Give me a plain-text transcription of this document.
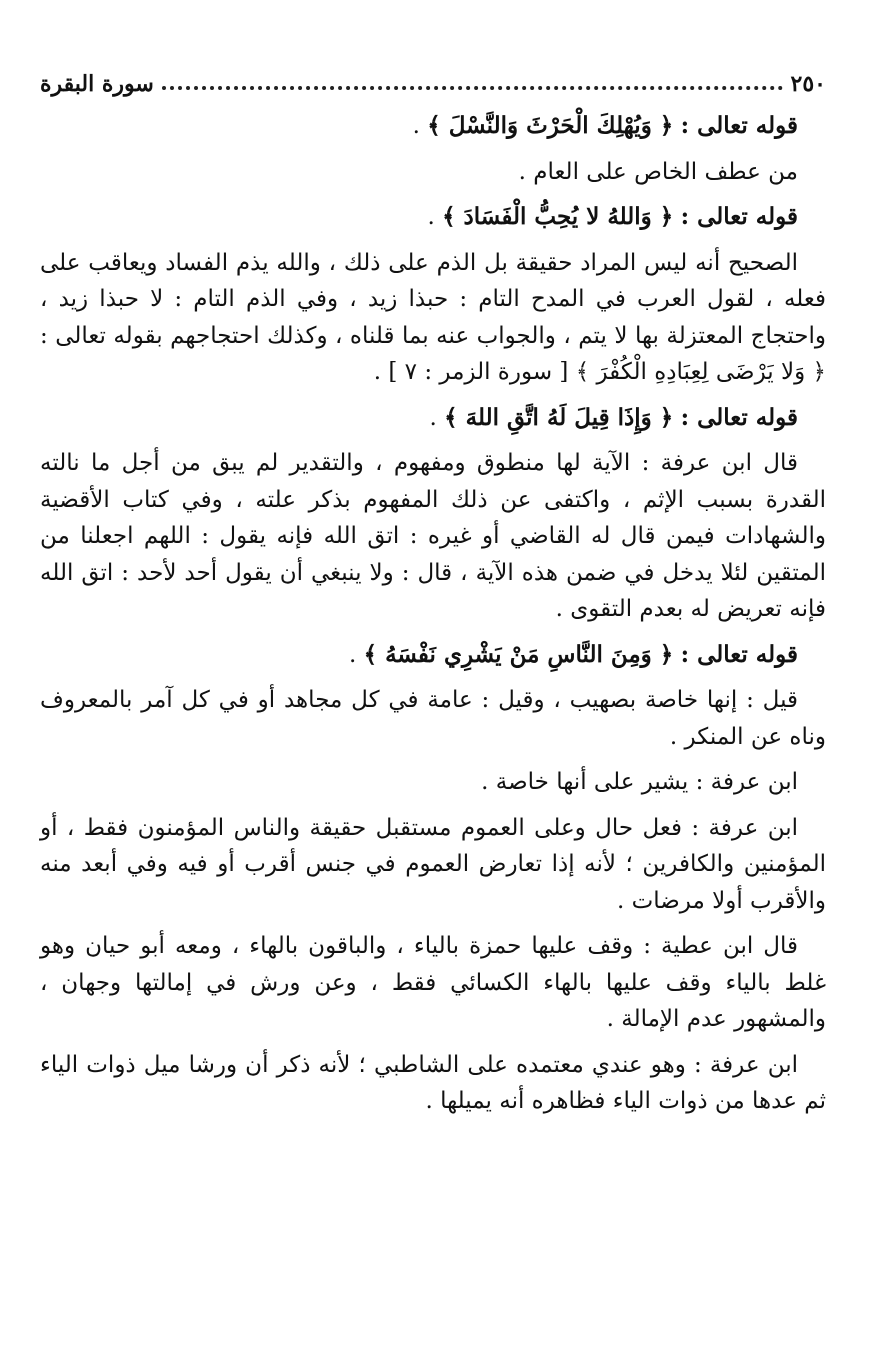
٢٥٠
سورة البقرة

قوله تعالى : ﴿ وَيُهْلِكَ الْحَرْثَ وَالنَّسْلَ ﴾ .

من عطف الخاص على العام .

قوله تعالى : ﴿ وَاللهُ لا يُحِبُّ الْفَسَادَ ﴾ .

الصحيح أنه ليس المراد حقيقة بل الذم على ذلك ، والله يذم الفساد ويعاقب على فعله ، لقول العرب في المدح التام : حبذا زيد ، وفي الذم التام : لا حبذا زيد ، واحتجاج المعتزلة بها لا يتم ، والجواب عنه بما قلناه ، وكذلك احتجاجهم بقوله تعالى : ﴿ وَلا يَرْضَى لِعِبَادِهِ الْكُفْرَ ﴾ [ سورة الزمر : ٧ ] .

قوله تعالى : ﴿ وَإِذَا قِيلَ لَهُ اتَّقِ اللهَ ﴾ .

قال ابن عرفة : الآية لها منطوق ومفهوم ، والتقدير لم يبق من أجل ما نالته القدرة بسبب الإثم ، واكتفى عن ذلك المفهوم بذكر علته ، وفي كتاب الأقضية والشهادات فيمن قال له القاضي أو غيره : اتق الله فإنه يقول : اللهم اجعلنا من المتقين لئلا يدخل في ضمن هذه الآية ، قال : ولا ينبغي أن يقول أحد لأحد : اتق الله فإنه تعريض له بعدم التقوى .

قوله تعالى : ﴿ وَمِنَ النَّاسِ مَنْ يَشْرِي نَفْسَهُ ﴾ .

قيل : إنها خاصة بصهيب ، وقيل : عامة في كل مجاهد أو في كل آمر بالمعروف وناه عن المنكر .

ابن عرفة : يشير على أنها خاصة .

ابن عرفة : فعل حال وعلى العموم مستقبل حقيقة والناس المؤمنون فقط ، أو المؤمنين والكافرين ؛ لأنه إذا تعارض العموم في جنس أقرب أو فيه وفي أبعد منه والأقرب أولا مرضات .

قال ابن عطية : وقف عليها حمزة بالياء ، والباقون بالهاء ، ومعه أبو حيان وهو غلط بالياء وقف عليها بالهاء الكسائي فقط ، وعن ورش في إمالتها وجهان ، والمشهور عدم الإمالة .

ابن عرفة : وهو عندي معتمده على الشاطبي ؛ لأنه ذكر أن ورشا ميل ذوات الياء ثم عدها من ذوات الياء فظاهره أنه يميلها .
